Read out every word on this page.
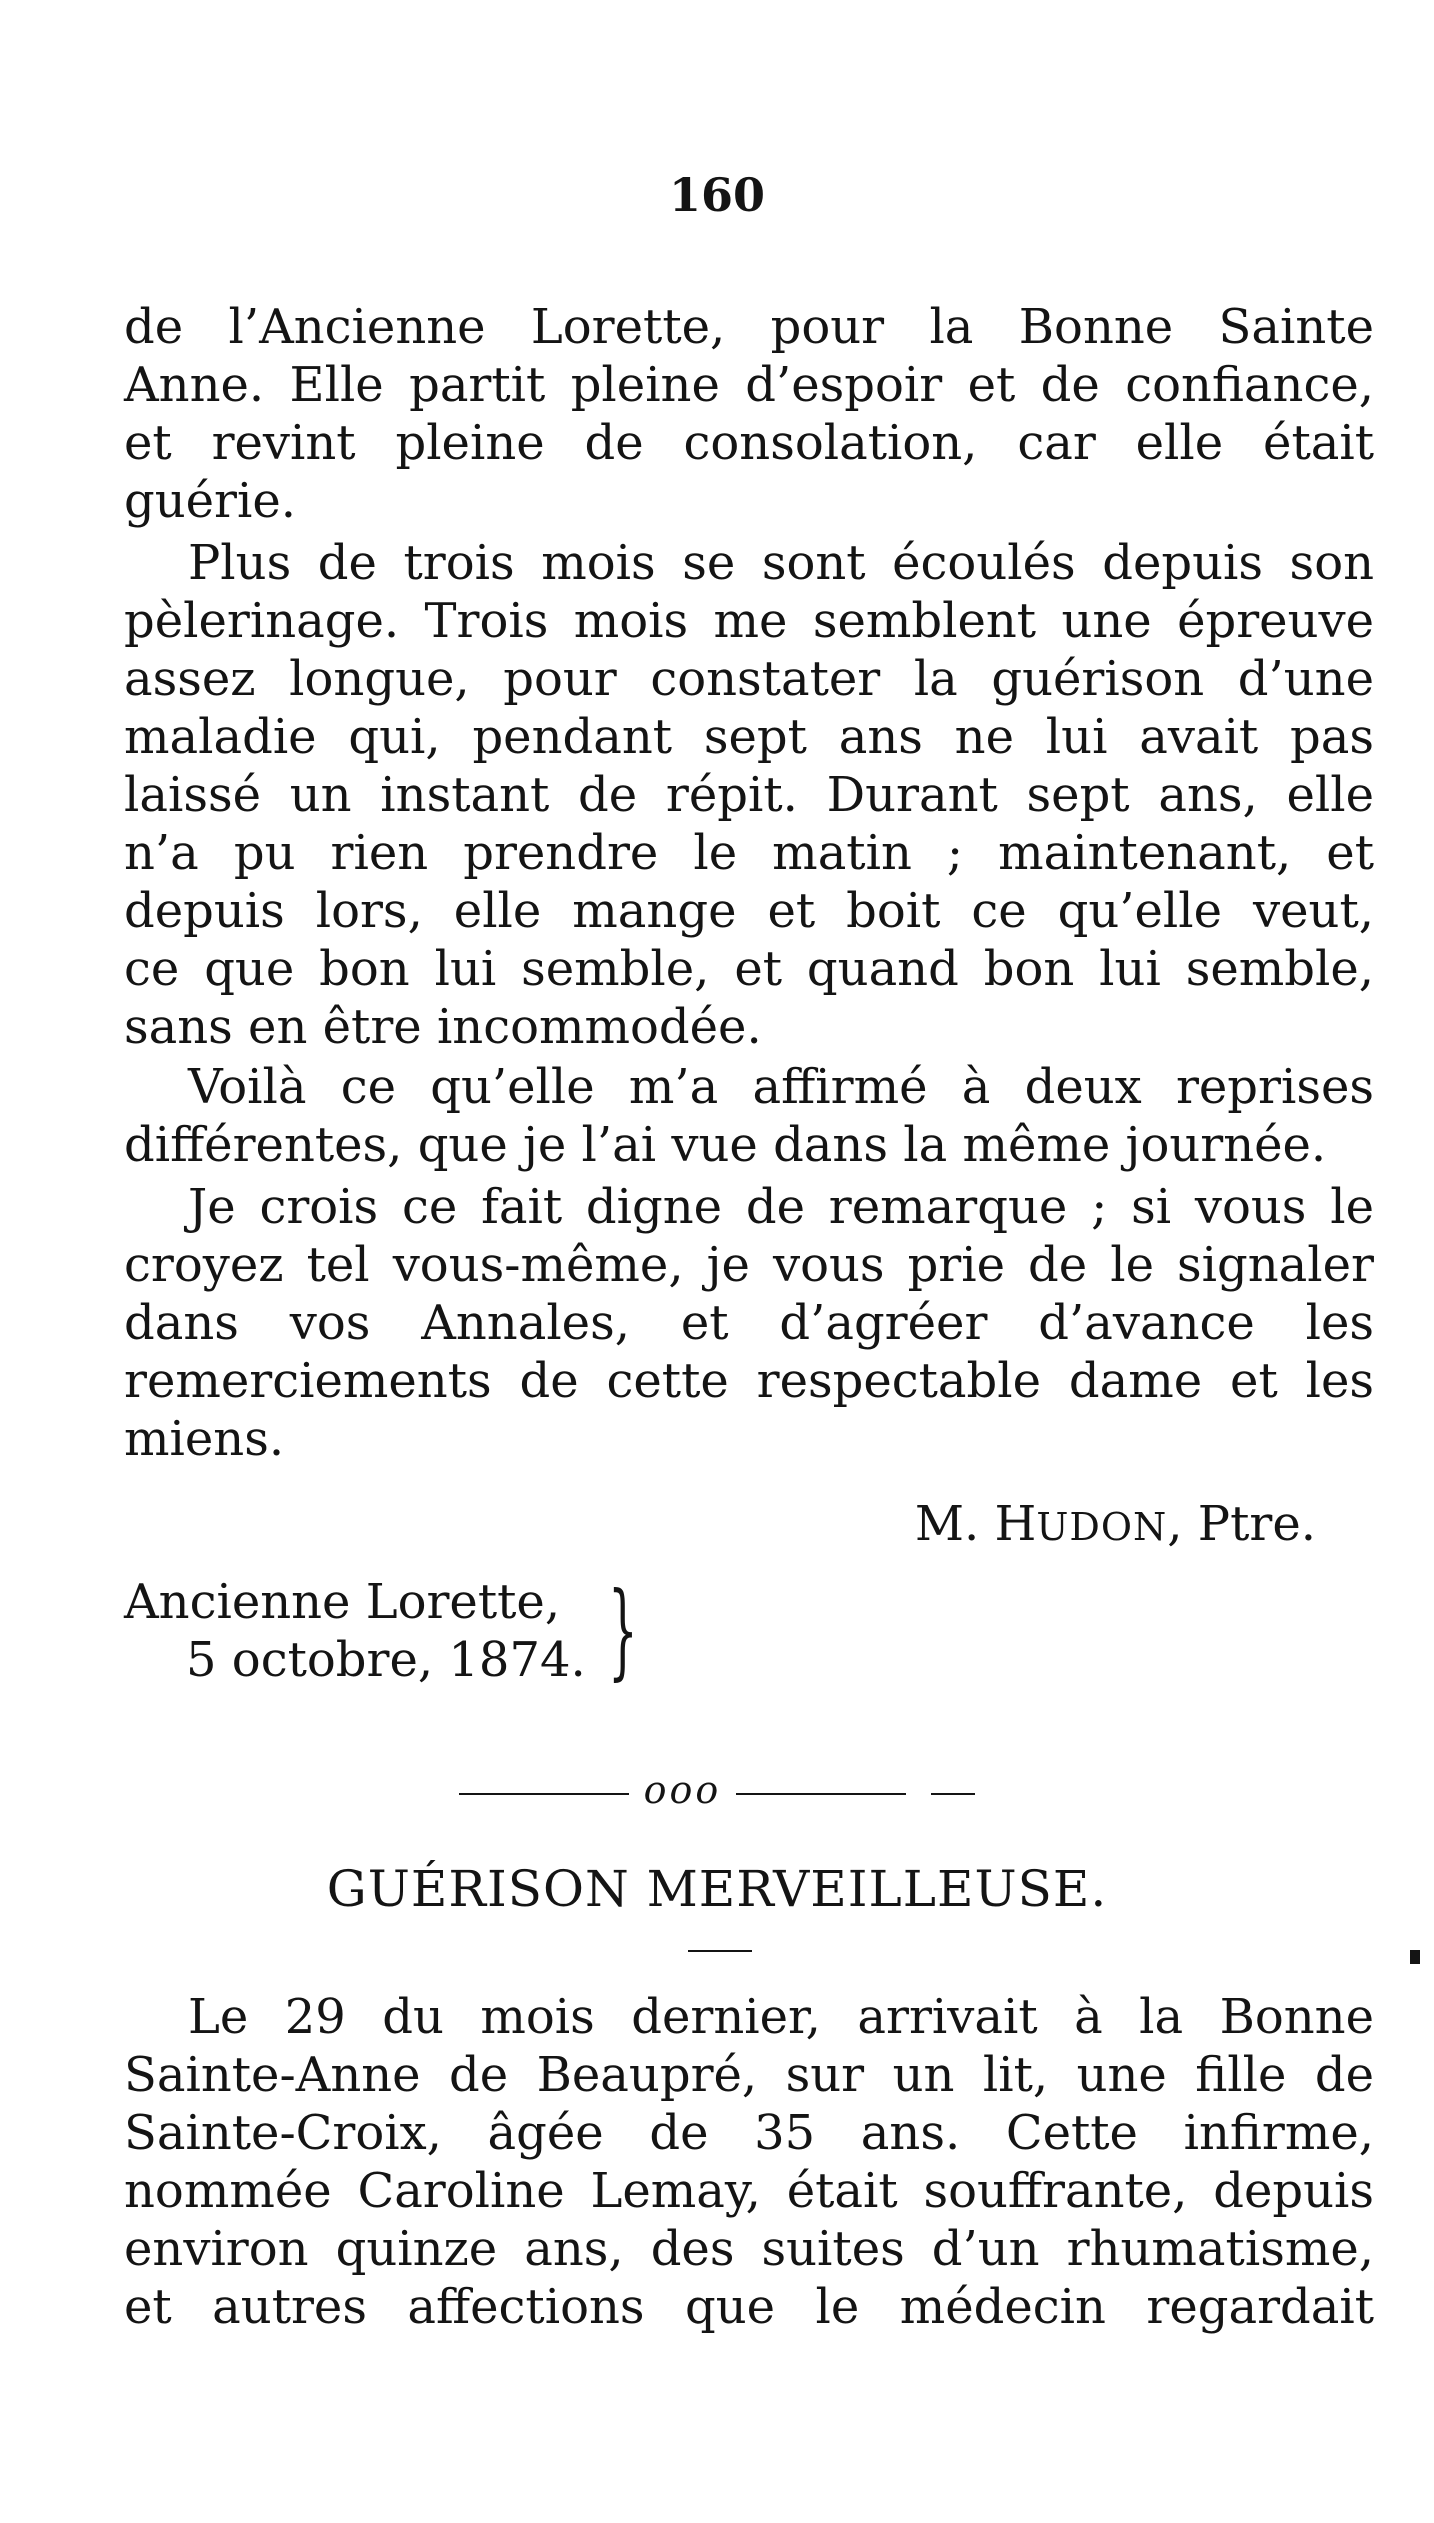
160
de l’Ancienne Lorette, pour la Bonne Sainte
Anne. Elle partit pleine d’espoir et de confiance,
et revint pleine de consolation, car elle était
guérie.
Plus de trois mois se sont écoulés depuis son
pèlerinage. Trois mois me semblent une épreuve
assez longue, pour constater la guérison d’une
maladie qui, pendant sept ans ne lui avait pas
laissé un instant de répit. Durant sept ans, elle
n’a pu rien prendre le matin ; maintenant, et
depuis lors, elle mange et boit ce qu’elle veut,
ce que bon lui semble, et quand bon lui semble,
sans en être incommodée.
Voilà ce qu’elle m’a affirmé à deux reprises
différentes, que je l’ai vue dans la même journée.
Je crois ce fait digne de remarque ; si vous le
croyez tel vous-même, je vous prie de le signaler
dans vos Annales, et d’agréer d’avance les
remerciements de cette respectable dame et les
miens.
M. HUDON, Ptre.
Ancienne Lorette,
5 octobre, 1874. }
ooo
GUÉRISON MERVEILLEUSE.
Le 29 du mois dernier, arrivait à la Bonne
Sainte-Anne de Beaupré, sur un lit, une fille de
Sainte-Croix, âgée de 35 ans. Cette infirme,
nommée Caroline Lemay, était souffrante, depuis
environ quinze ans, des suites d’un rhumatisme,
et autres affections que le médecin regardait
